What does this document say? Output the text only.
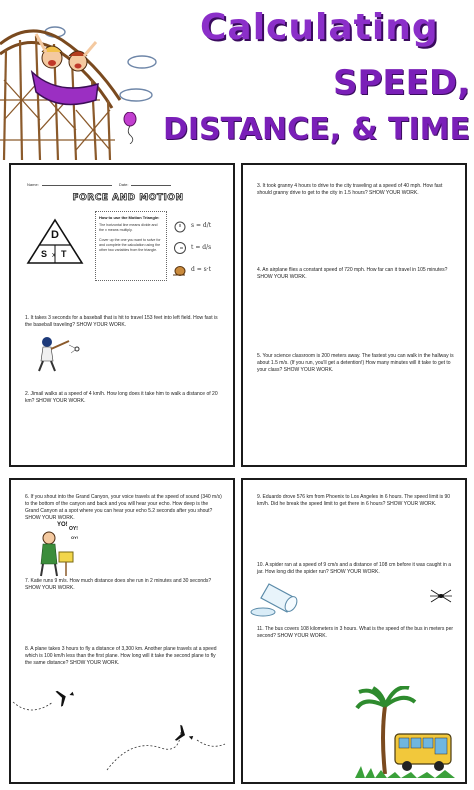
Calculating
SPEED,
DISTANCE, & TIME
Name:	Date:
FORCE AND MOTION
D
S x T
How to use the Motion Triangle:
The horizontal line means divide and the x means multiply.

Cover up the one you want to solve for and complete the calculation using the other two variables from the triangle.
s = d/t
t = d/s
d = s·t
1. It takes 3 seconds for a baseball that is hit to travel 153 feet into left field. How fast is the baseball traveling? SHOW YOUR WORK.
2. Jimail walks at a speed of 4 km/h. How long does it take him to walk a distance of 20 km? SHOW YOUR WORK.
3. It took granny 4 hours to drive to the city traveling at a speed of 40 mph. How fast should granny drive to get to the city in 1.5 hours? SHOW YOUR WORK.
4. An airplane flies a constant speed of 720 mph. How far can it travel in 105 minutes? SHOW YOUR WORK.
5. Your science classroom is 200 meters away. The fastest you can walk in the hallway is about 1.5 m/s. (If you run, you'll get a detention!) How many minutes will it take to get to your class? SHOW YOUR WORK.
6. If you shout into the Grand Canyon, your voice travels at the speed of sound (340 m/s) to the bottom of the canyon and back and you will hear your echo. How deep is the Grand Canyon at a spot where you can hear your echo 5.2 seconds after you shout? SHOW YOUR WORK.
YO!
OY!
OY!
7. Katie runs 9 m/s. How much distance does she run in 2 minutes and 30 seconds? SHOW YOUR WORK.
8. A plane takes 3 hours to fly a distance of 3,300 km. Another plane travels at a speed which is 100 km/h less than the first plane. How long will it take the second plane to fly the same distance? SHOW YOUR WORK.
9. Eduardo drove 576 km from Phoenix to Los Angeles in 6 hours. The speed limit is 90 km/h. Did he break the speed limit to get there in 6 hours? SHOW YOUR WORK.
10. A spider ran at a speed of 9 cm/s and a distance of 108 cm before it was caught in a jar. How long did the spider run? SHOW YOUR WORK.
11. The bus covers 108 kilometers in 3 hours. What is the speed of the bus in meters per second? SHOW YOUR WORK.
